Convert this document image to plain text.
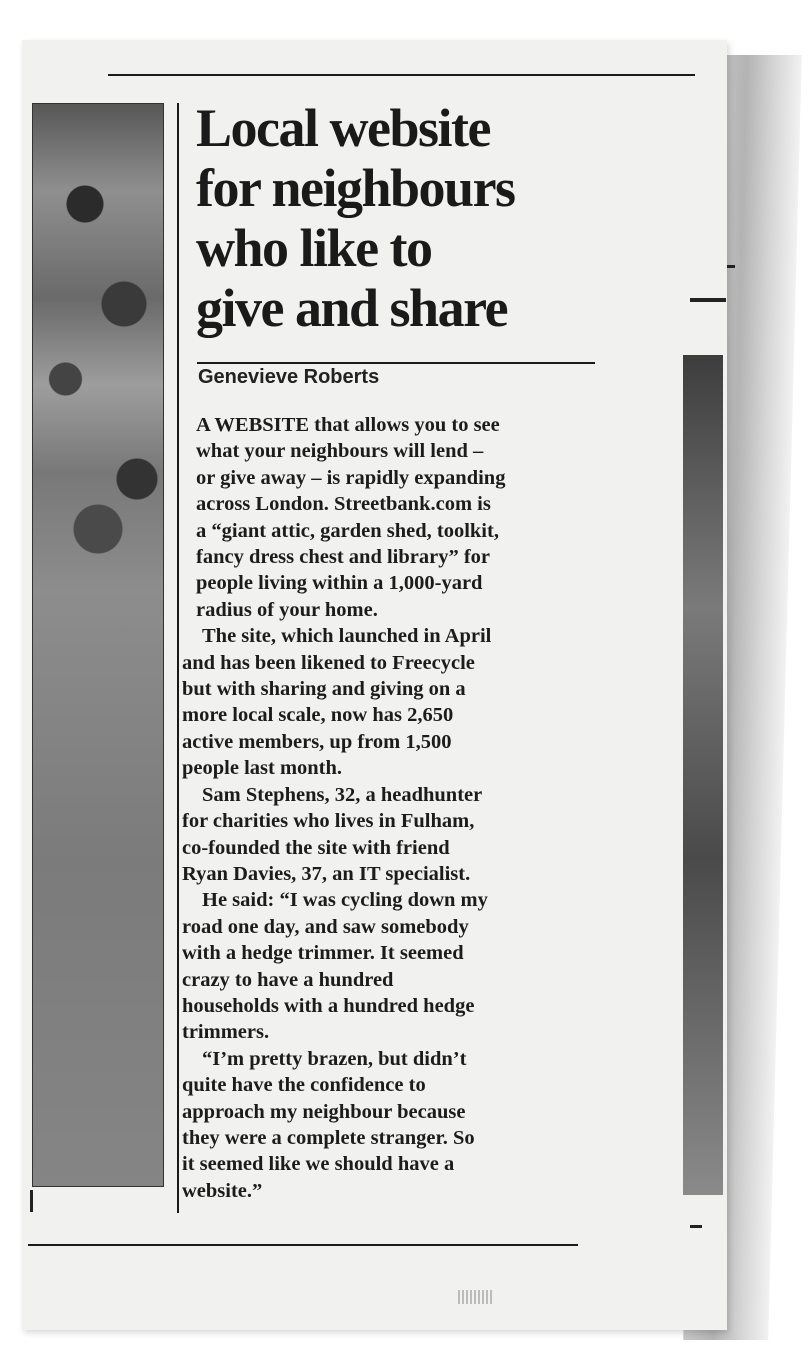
Local website
for neighbours
who like to
give and share
Genevieve Roberts

A WEBSITE that allows you to see
what your neighbours will lend –
or give away – is rapidly expanding
across London. Streetbank.com is
a “giant attic, garden shed, toolkit,
fancy dress chest and library” for
people living within a 1,000-yard
radius of your home.

The site, which launched in April
and has been likened to Freecycle
but with sharing and giving on a
more local scale, now has 2,650
active members, up from 1,500
people last month.

Sam Stephens, 32, a headhunter
for charities who lives in Fulham,
co-founded the site with friend
Ryan Davies, 37, an IT specialist.

He said: “I was cycling down my
road one day, and saw somebody
with a hedge trimmer. It seemed
crazy to have a hundred
households with a hundred hedge
trimmers.

“I’m pretty brazen, but didn’t
quite have the confidence to
approach my neighbour because
they were a complete stranger. So
it seemed like we should have a
website.”
